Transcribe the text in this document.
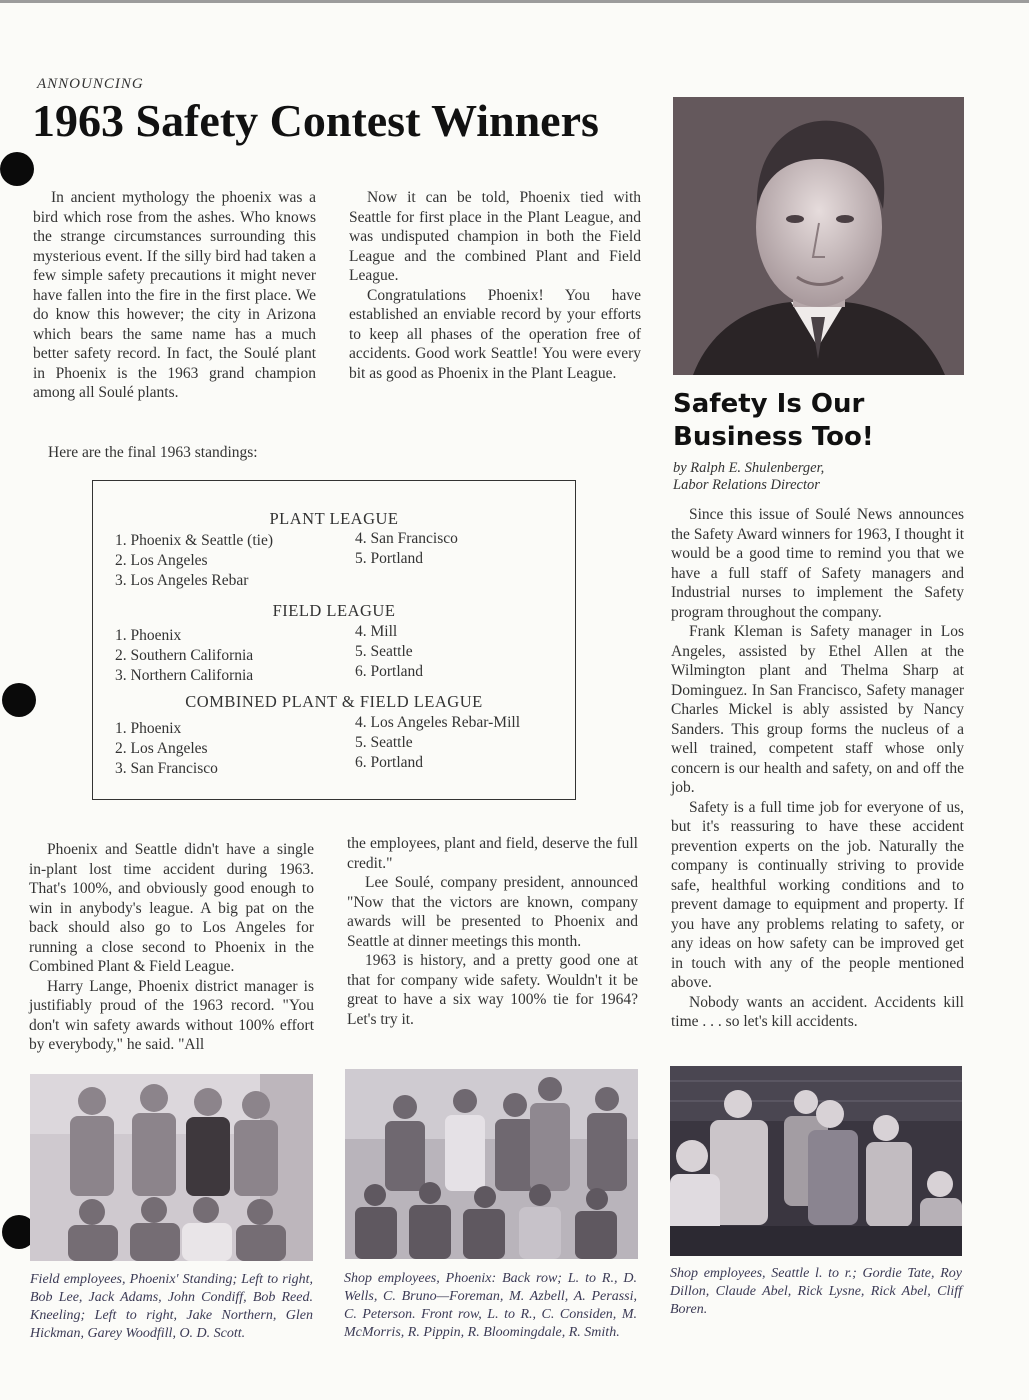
ANNOUNCING
1963 Safety Contest Winners

In ancient mythology the phoenix was a bird which rose from the ashes. Who knows the strange circumstances surrounding this mysterious event. If the silly bird had taken a few simple safety precautions it might never have fallen into the fire in the first place. We do know this however; the city in Arizona which bears the same name has a much better safety record. In fact, the Soulé plant in Phoenix is the 1963 grand champion among all Soulé plants.

Now it can be told, Phoenix tied with Seattle for first place in the Plant League, and was undisputed champion in both the Field League and the combined Plant and Field League.

Congratulations Phoenix! You have established an enviable record by your efforts to keep all phases of the operation free of accidents. Good work Seattle! You were every bit as good as Phoenix in the Plant League.

Here are the final 1963 standings:
PLANT LEAGUE
1. Phoenix & Seattle (tie)
2. Los Angeles
3. Los Angeles Rebar
4. San Francisco
5. Portland
FIELD LEAGUE
1. Phoenix
2. Southern California
3. Northern California
4. Mill
5. Seattle
6. Portland
COMBINED PLANT & FIELD LEAGUE
1. Phoenix
2. Los Angeles
3. San Francisco
4. Los Angeles Rebar-Mill
5. Seattle
6. Portland

Phoenix and Seattle didn't have a single in-plant lost time accident during 1963. That's 100%, and obviously good enough to win in anybody's league. A big pat on the back should also go to Los Angeles for running a close second to Phoenix in the Combined Plant & Field League.

Harry Lange, Phoenix district manager is justifiably proud of the 1963 record. "You don't win safety awards without 100% effort by everybody," he said. "All

the employees, plant and field, deserve the full credit."

Lee Soulé, company president, announced "Now that the victors are known, company awards will be presented to Phoenix and Seattle at dinner meetings this month.

1963 is history, and a pretty good one at that for company wide safety. Wouldn't it be great to have a six way 100% tie for 1964? Let's try it.

Safety Is Our
Business Too!
by Ralph E. Shulenberger,
Labor Relations Director

Since this issue of Soulé News announces the Safety Award winners for 1963, I thought it would be a good time to remind you that we have a full staff of Safety managers and Industrial nurses to implement the Safety program throughout the company.

Frank Kleman is Safety manager in Los Angeles, assisted by Ethel Allen at the Wilmington plant and Thelma Sharp at Dominguez. In San Francisco, Safety manager Charles Mickel is ably assisted by Nancy Sanders. This group forms the nucleus of a well trained, competent staff whose only concern is our health and safety, on and off the job.

Safety is a full time job for everyone of us, but it's reassuring to have these accident prevention experts on the job. Naturally the company is continually striving to provide safe, healthful working conditions and to prevent damage to equipment and property. If you have any problems relating to safety, or any ideas on how safety can be improved get in touch with any of the people mentioned above.

Nobody wants an accident. Accidents kill time . . . so let's kill accidents.

Field employees, Phoenix' Standing; Left to right, Bob Lee, Jack Adams, John Condiff, Bob Reed. Kneeling; Left to right, Jake Northern, Glen Hickman, Garey Woodfill, O. D. Scott.
Shop employees, Phoenix: Back row; L. to R., D. Wells, C. Bruno—Foreman, M. Azbell, A. Perassi, C. Peterson. Front row, L. to R., C. Considen, M. McMorris, R. Pippin, R. Bloomingdale, R. Smith.
Shop employees, Seattle l. to r.; Gordie Tate, Roy Dillon, Claude Abel, Rick Lysne, Rick Abel, Cliff Boren.
